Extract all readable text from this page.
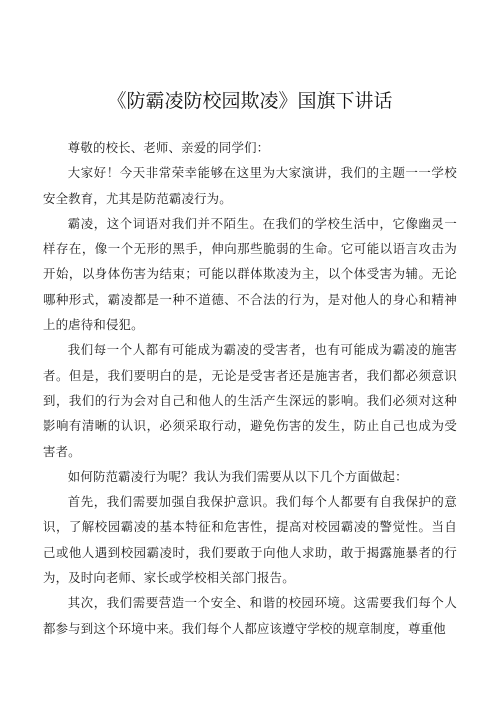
《防霸凌防校园欺凌》国旗下讲话

尊敬的校长、老师、亲爱的同学们：

大家好！今天非常荣幸能够在这里为大家演讲，我们的主题一一学校安全教育，尤其是防范霸凌行为。

霸凌，这个词语对我们并不陌生。在我们的学校生活中，它像幽灵一样存在，像一个无形的黑手，伸向那些脆弱的生命。它可能以语言攻击为开始，以身体伤害为结束；可能以群体欺凌为主，以个体受害为辅。无论哪种形式，霸凌都是一种不道德、不合法的行为，是对他人的身心和精神上的虐待和侵犯。

我们每一个人都有可能成为霸凌的受害者，也有可能成为霸凌的施害者。但是，我们要明白的是，无论是受害者还是施害者，我们都必须意识到，我们的行为会对自己和他人的生活产生深远的影响。我们必须对这种影响有清晰的认识，必须采取行动，避免伤害的发生，防止自己也成为受害者。

如何防范霸凌行为呢？我认为我们需要从以下几个方面做起：

首先，我们需要加强自我保护意识。我们每个人都要有自我保护的意识，了解校园霸凌的基本特征和危害性，提高对校园霸凌的警觉性。当自己或他人遇到校园霸凌时，我们要敢于向他人求助，敢于揭露施暴者的行为，及时向老师、家长或学校相关部门报告。

其次，我们需要营造一个安全、和谐的校园环境。这需要我们每个人都参与到这个环境中来。我们每个人都应该遵守学校的规章制度，尊重他
